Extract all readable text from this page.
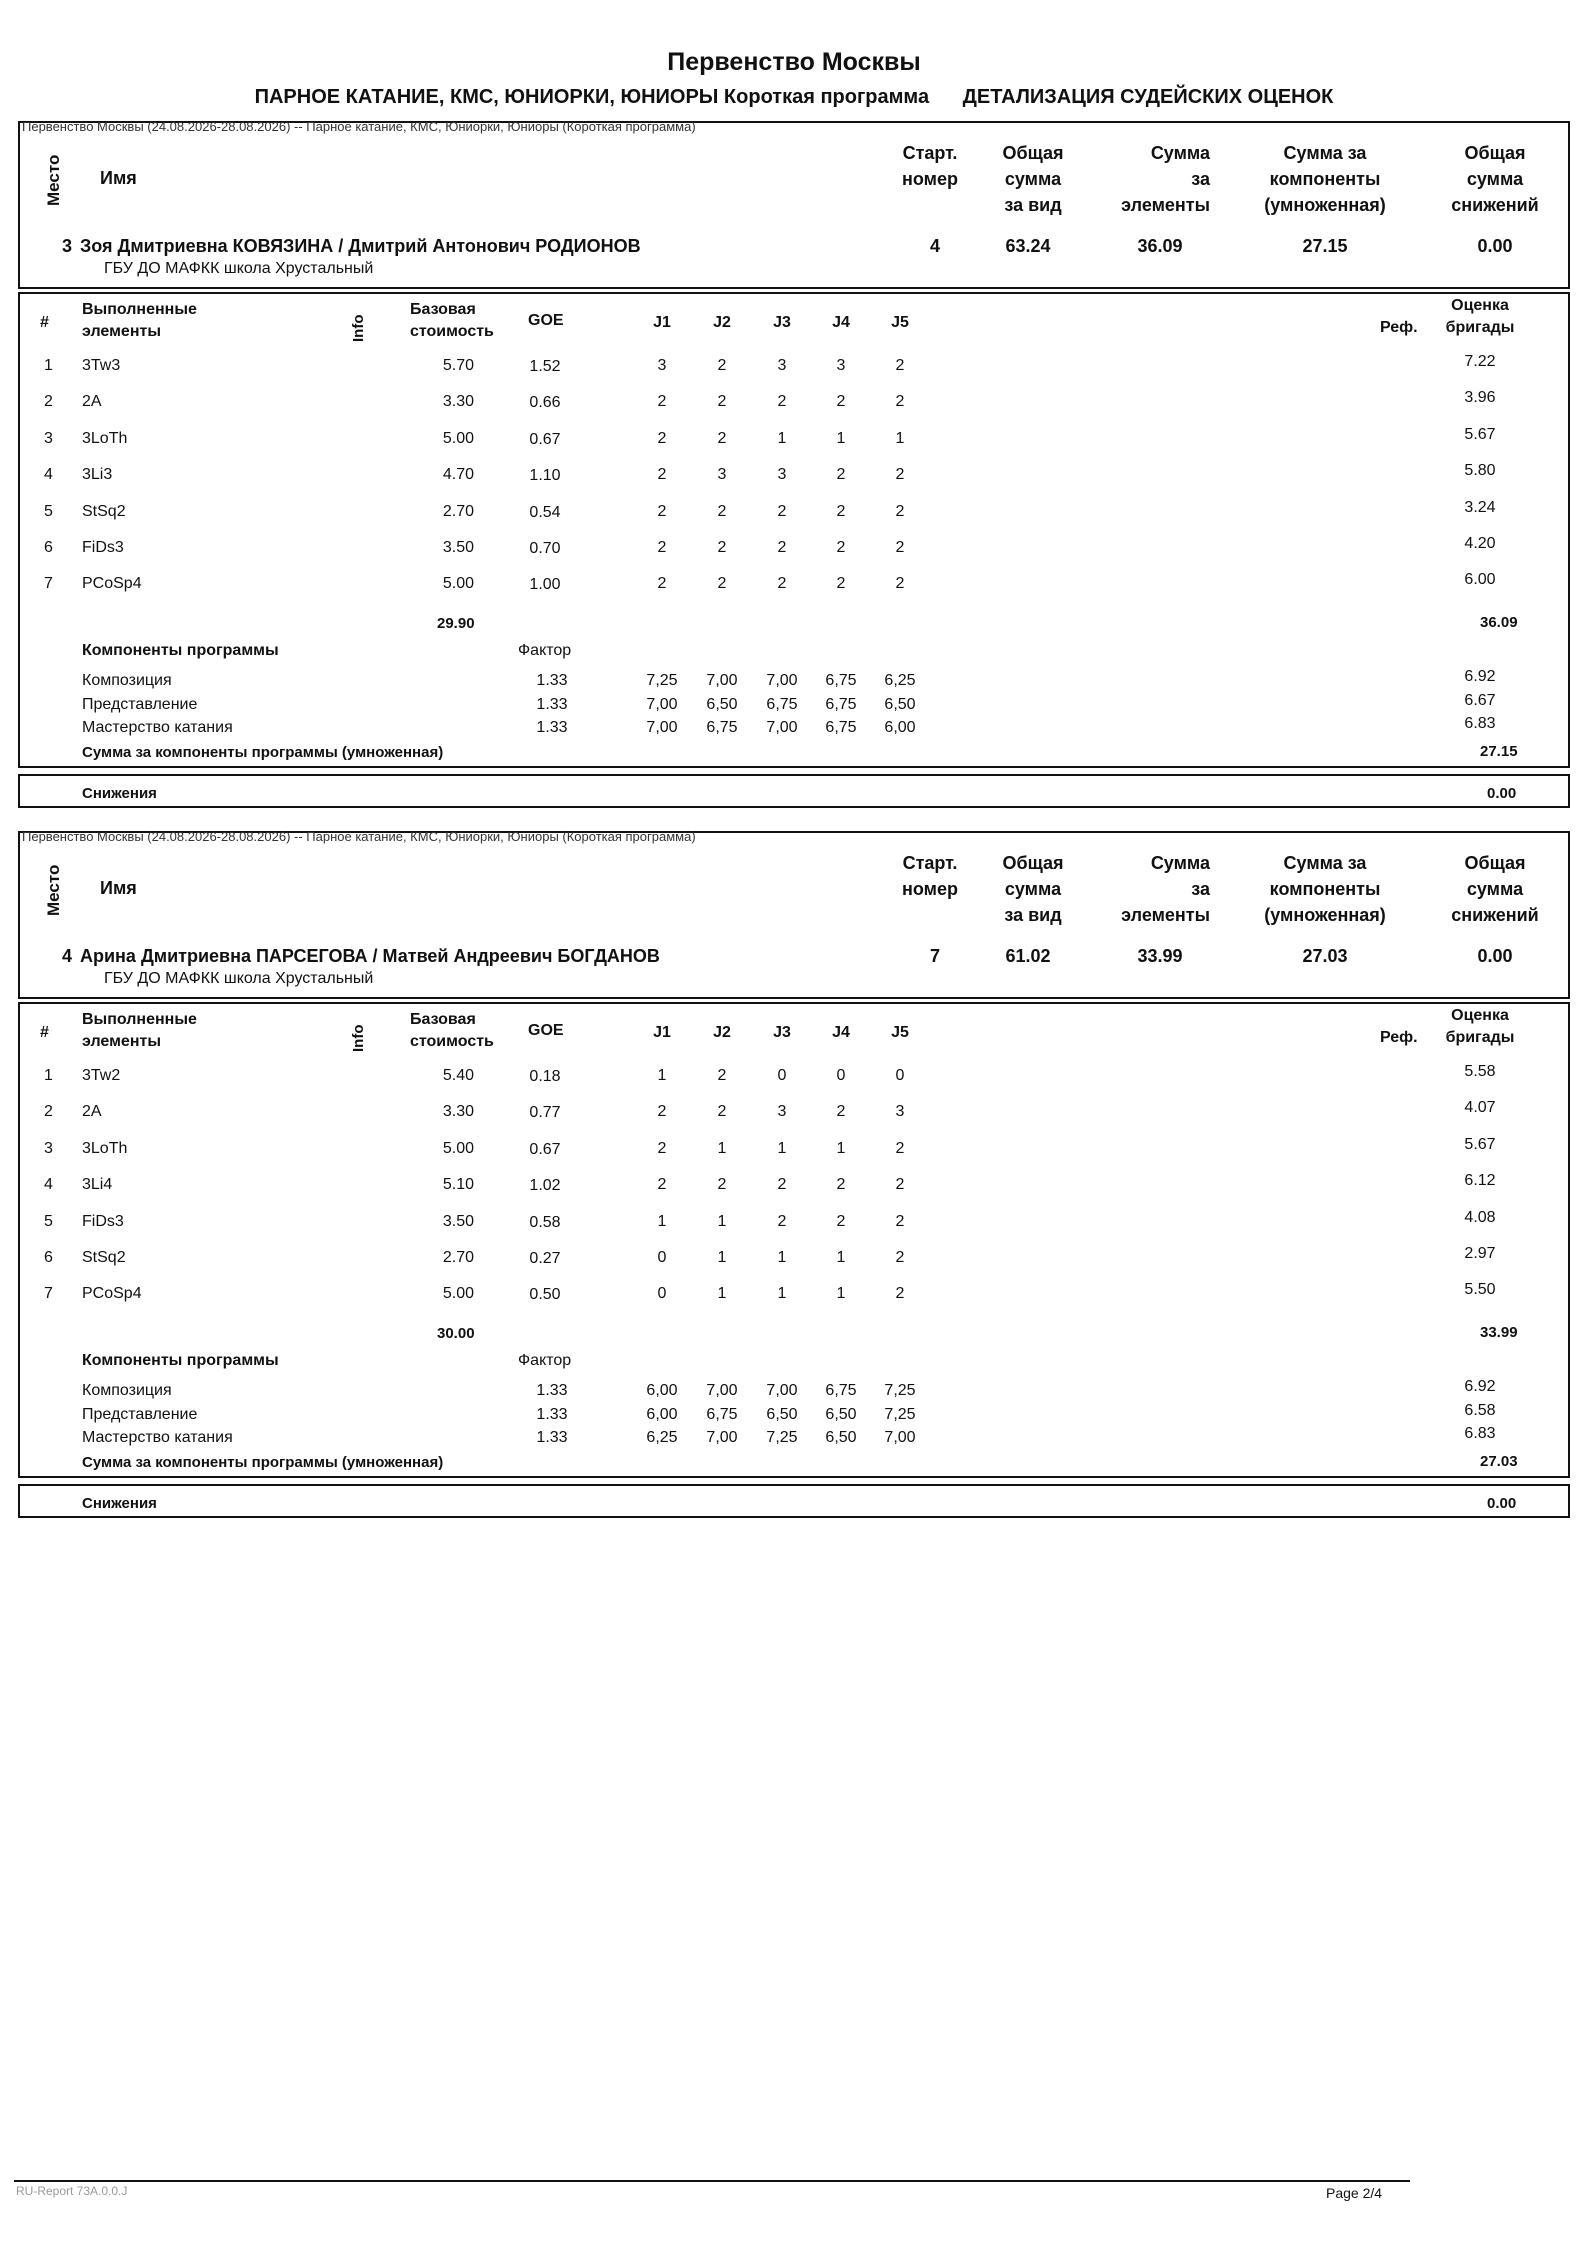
Первенство Москвы
ПАРНОЕ КАТАНИЕ, КМС, ЮНИОРКИ, ЮНИОРЫ Короткая программа ДЕТАЛИЗАЦИЯ СУДЕЙСКИХ ОЦЕНОК
Первенство Москвы (24.08.2026-28.08.2026) -- Парное катание, КМС, Юниорки, Юниоры (Короткая программа)
Место Имя
Старт.
номер
Общая
сумма
за вид
Сумма
за
элементы
Сумма за
компоненты
(умноженная)
Общая
сумма
снижений
3 Зоя Дмитриевна КОВЯЗИНА / Дмитрий Антонович РОДИОНОВ
ГБУ ДО МАФКК школа Хрустальный
4	63.24	36.09	27.15	0.00
#
Выполненные
элементы	Info
Базовая
стоимость
GOE	J1	J2	J3	J4	J5	Реф.
Оценка
бригады
1 3Tw3	5.70	1.52	3	2	3	3	2	7.22
2 2A	3.30	0.66	2	2	2	2	2	3.96
3 3LoTh	5.00	0.67	2	2	1	1	1	5.67
4 3Li3	4.70	1.10	2	3	3	2	2	5.80
5 StSq2	2.70	0.54	2	2	2	2	2	3.24
6 FiDs3	3.50	0.70	2	2	2	2	2	4.20
7 PCoSp4	5.00	1.00	2	2	2	2	2	6.00
29.90	36.09
Компоненты программы	Фактор
Композиция	1.33	7,25	7,00	7,00	6,75	6,25	6.92
Представление	1.33	7,00	6,50	6,75	6,75	6,50	6.67
Мастерство катания	1.33	7,00	6,75	7,00	6,75	6,00	6.83
Сумма за компоненты программы (умноженная)	27.15
Снижения	0.00
Первенство Москвы (24.08.2026-28.08.2026) -- Парное катание, КМС, Юниорки, Юниоры (Короткая программа)
Место Имя
Старт.
номер
Общая
сумма
за вид
Сумма
за
элементы
Сумма за
компоненты
(умноженная)
Общая
сумма
снижений
4 Арина Дмитриевна ПАРСЕГОВА / Матвей Андреевич БОГДАНОВ
ГБУ ДО МАФКК школа Хрустальный
7	61.02	33.99	27.03	0.00
#
Выполненные
элементы	Info
Базовая
стоимость
GOE	J1	J2	J3	J4	J5	Реф.
Оценка
бригады
1 3Tw2	5.40	0.18	1	2	0	0	0	5.58
2 2A	3.30	0.77	2	2	3	2	3	4.07
3 3LoTh	5.00	0.67	2	1	1	1	2	5.67
4 3Li4	5.10	1.02	2	2	2	2	2	6.12
5 FiDs3	3.50	0.58	1	1	2	2	2	4.08
6 StSq2	2.70	0.27	0	1	1	1	2	2.97
7 PCoSp4	5.00	0.50	0	1	1	1	2	5.50
30.00	33.99
Компоненты программы	Фактор
Композиция	1.33	6,00	7,00	7,00	6,75	7,25	6.92
Представление	1.33	6,00	6,75	6,50	6,50	7,25	6.58
Мастерство катания	1.33	6,25	7,00	7,25	6,50	7,00	6.83
Сумма за компоненты программы (умноженная)	27.03
Снижения	0.00
RU-Report 73A.0.0.J	Page 2/4
